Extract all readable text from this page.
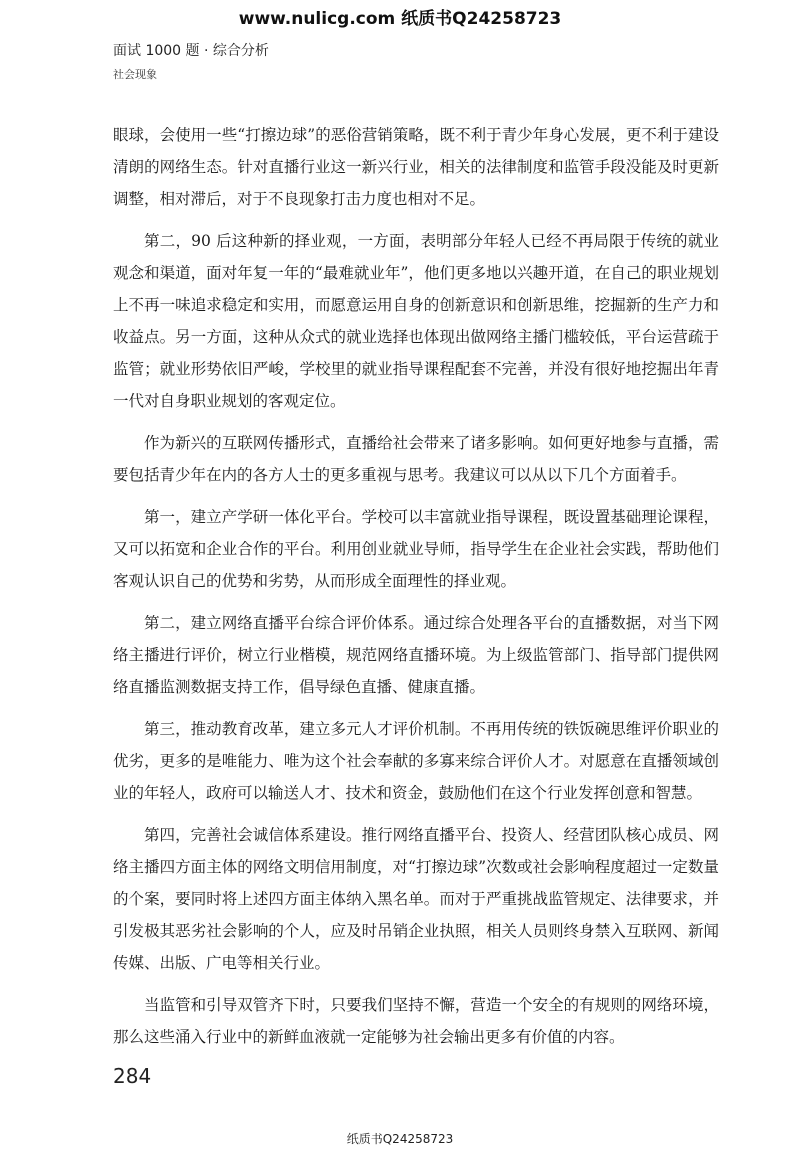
www.nulicg.com 纸质书Q24258723
面试 1000 题 · 综合分析
社会现象

眼球，会使用一些“打擦边球”的恶俗营销策略，既不利于青少年身心发展，更不利于建设清朗的网络生态。针对直播行业这一新兴行业，相关的法律制度和监管手段没能及时更新调整，相对滞后，对于不良现象打击力度也相对不足。

第二，90 后这种新的择业观，一方面，表明部分年轻人已经不再局限于传统的就业观念和渠道，面对年复一年的“最难就业年”，他们更多地以兴趣开道，在自己的职业规划上不再一味追求稳定和实用，而愿意运用自身的创新意识和创新思维，挖掘新的生产力和收益点。另一方面，这种从众式的就业选择也体现出做网络主播门槛较低，平台运营疏于监管；就业形势依旧严峻，学校里的就业指导课程配套不完善，并没有很好地挖掘出年青一代对自身职业规划的客观定位。

作为新兴的互联网传播形式，直播给社会带来了诸多影响。如何更好地参与直播，需要包括青少年在内的各方人士的更多重视与思考。我建议可以从以下几个方面着手。

第一，建立产学研一体化平台。学校可以丰富就业指导课程，既设置基础理论课程，又可以拓宽和企业合作的平台。利用创业就业导师，指导学生在企业社会实践，帮助他们客观认识自己的优势和劣势，从而形成全面理性的择业观。

第二，建立网络直播平台综合评价体系。通过综合处理各平台的直播数据，对当下网络主播进行评价，树立行业楷模，规范网络直播环境。为上级监管部门、指导部门提供网络直播监测数据支持工作，倡导绿色直播、健康直播。

第三，推动教育改革，建立多元人才评价机制。不再用传统的铁饭碗思维评价职业的优劣，更多的是唯能力、唯为这个社会奉献的多寡来综合评价人才。对愿意在直播领域创业的年轻人，政府可以输送人才、技术和资金，鼓励他们在这个行业发挥创意和智慧。

第四，完善社会诚信体系建设。推行网络直播平台、投资人、经营团队核心成员、网络主播四方面主体的网络文明信用制度，对“打擦边球”次数或社会影响程度超过一定数量的个案，要同时将上述四方面主体纳入黑名单。而对于严重挑战监管规定、法律要求，并引发极其恶劣社会影响的个人，应及时吊销企业执照，相关人员则终身禁入互联网、新闻传媒、出版、广电等相关行业。

当监管和引导双管齐下时，只要我们坚持不懈，营造一个安全的有规则的网络环境，那么这些涌入行业中的新鲜血液就一定能够为社会输出更多有价值的内容。

284
纸质书Q24258723
